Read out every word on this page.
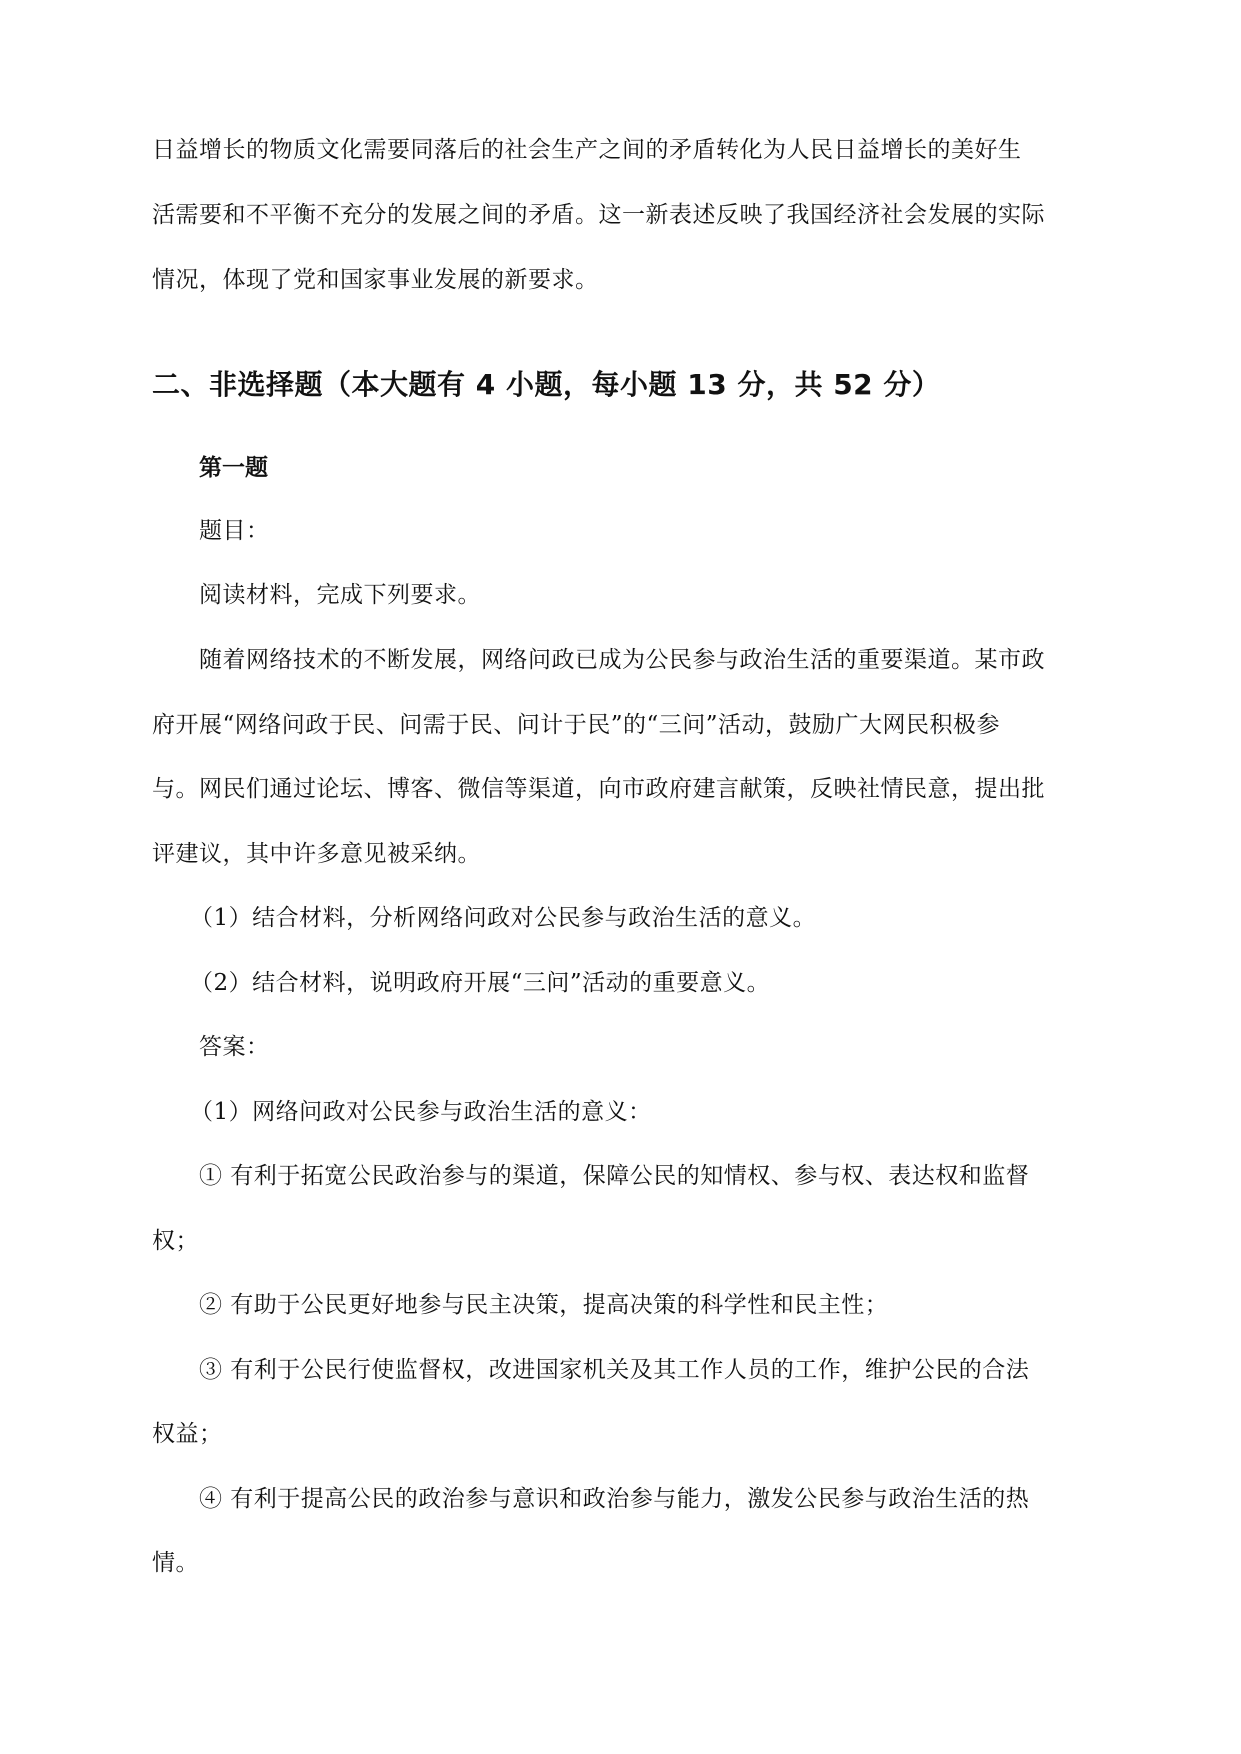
日益增长的物质文化需要同落后的社会生产之间的矛盾转化为人民日益增长的美好生
活需要和不平衡不充分的发展之间的矛盾。这一新表述反映了我国经济社会发展的实际
情况，体现了党和国家事业发展的新要求。
二、非选择题（本大题有 4 小题，每小题 13 分，共 52 分）
第一题
题目：
阅读材料，完成下列要求。
随着网络技术的不断发展，网络问政已成为公民参与政治生活的重要渠道。某市政
府开展“网络问政于民、问需于民、问计于民”的“三问”活动，鼓励广大网民积极参
与。网民们通过论坛、博客、微信等渠道，向市政府建言献策，反映社情民意，提出批
评建议，其中许多意见被采纳。
（1）结合材料，分析网络问政对公民参与政治生活的意义。
（2）结合材料，说明政府开展“三问”活动的重要意义。
答案：
（1）网络问政对公民参与政治生活的意义：
① 有利于拓宽公民政治参与的渠道，保障公民的知情权、参与权、表达权和监督
权；
② 有助于公民更好地参与民主决策，提高决策的科学性和民主性；
③ 有利于公民行使监督权，改进国家机关及其工作人员的工作，维护公民的合法
权益；
④ 有利于提高公民的政治参与意识和政治参与能力，激发公民参与政治生活的热
情。
